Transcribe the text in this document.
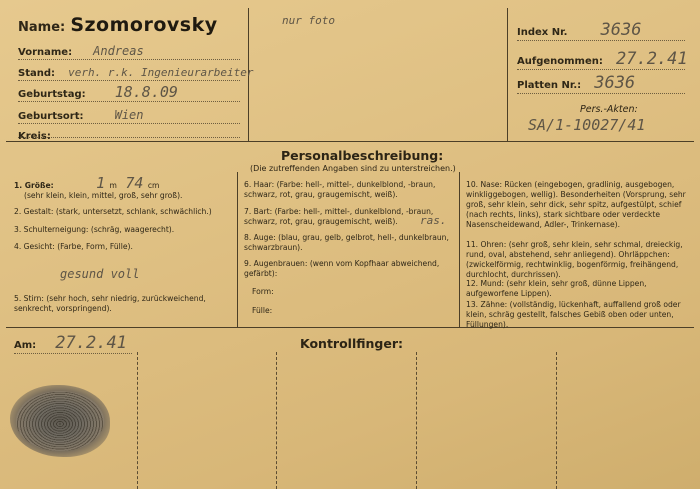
Name: Szomorovsky
Vorname: Andreas
Stand: verh. r.k. Ingenieurarbeiter
Geburtstag: 18.8.09
Geburtsort:	Wien
Kreis:
nur foto
Index Nr. 3636
Aufgenommen: 27.2.41
Platten Nr.: 3636
Pers.-Akten:
SA/1-10027/41
Personalbeschreibung:
(Die zutreffenden Angaben sind zu unterstreichen.)
1. Größe:	1 m 74 cm
(sehr klein, klein, mittel, groß, sehr groß).
2. Gestalt: (stark, untersetzt, schlank, schwächlich.)
3. Schulterneigung: (schräg, waagerecht).
4. Gesicht: (Farbe, Form, Fülle).
gesund voll
5. Stirn: (sehr hoch, sehr niedrig, zurückweichend, senkrecht, vorspringend).
6. Haar: (Farbe: hell-, mittel-, dunkelblond, -braun, schwarz, rot, grau, graugemischt, weiß).
7. Bart: (Farbe: hell-, mittel-, dunkelblond, -braun, schwarz, rot, grau, graugemischt, weiß).	ras.
8. Auge: (blau, grau, gelb, gelbrot, hell-, dunkelbraun, schwarzbraun).
9. Augenbrauen: (wenn vom Kopfhaar abweichend, gefärbt):
Form:
Fülle:
10. Nase: Rücken (eingebogen, gradlinig, ausgebogen, winkliggebogen, wellig). Besonderheiten (Vorsprung, sehr groß, sehr klein, sehr dick, sehr spitz, aufgestülpt, schief (nach rechts, links), stark sichtbare oder verdeckte Nasenscheidewand, Adler-, Trinkernase).
11. Ohren: (sehr groß, sehr klein, sehr schmal, dreieckig, rund, oval, abstehend, sehr anliegend). Ohrläppchen: (zwickelförmig, rechtwinklig, bogenförmig, freihängend, durchlocht, durchrissen).
12. Mund: (sehr klein, sehr groß, dünne Lippen, aufgeworfene Lippen).
13. Zähne: (vollständig, lückenhaft, auffallend groß oder klein, schräg gestellt, falsches Gebiß oben oder unten, Füllungen).
Am: 27.2.41	Kontrollfinger:
